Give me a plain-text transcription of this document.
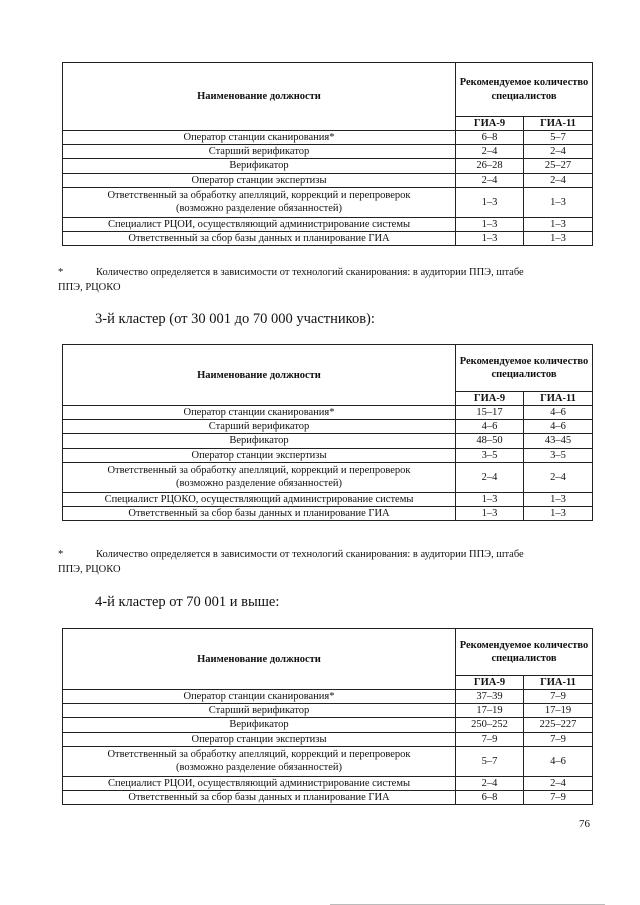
Наименование должности	Рекомендуемое количество специалистов	
	ГИА-9	ГИА-11
Оператор станции сканирования*	6–8	5–7
Старший верификатор	2–4	2–4
Верификатор	26–28	25–27
Оператор станции экспертизы	2–4	2–4

Ответственный за обработку апелляций, коррекций и перепроверок
(возможно разделение обязанностей)	1–3	1–3
Специалист РЦОИ, осуществляющий администрирование системы	1–3	1–3
Ответственный за сбор базы данных и планирование ГИА	1–3	1–3
*	Количество определяется в зависимости от технологий сканирования: в аудитории ППЭ, штабе
ППЭ, РЦОКО
3-й кластер (от 30 001 до 70 000 участников):
Наименование должности	Рекомендуемое количество специалистов	
	ГИА-9	ГИА-11
Оператор станции сканирования*	15–17	4–6
Старший верификатор	4–6	4–6
Верификатор	48–50	43–45
Оператор станции экспертизы	3–5	3–5

Ответственный за обработку апелляций, коррекций и перепроверок
(возможно разделение обязанностей)	2–4	2–4
Специалист РЦОКО, осуществляющий администрирование системы	1–3	1–3
Ответственный за сбор базы данных и планирование ГИА	1–3	1–3
*	Количество определяется в зависимости от технологий сканирования: в аудитории ППЭ, штабе
ППЭ, РЦОКО
4-й кластер от 70 001 и выше:
Наименование должности	Рекомендуемое количество специалистов	
	ГИА-9	ГИА-11
Оператор станции сканирования*	37–39	7–9
Старший верификатор	17–19	17–19
Верификатор	250–252	225–227
Оператор станции экспертизы	7–9	7–9

Ответственный за обработку апелляций, коррекций и перепроверок
(возможно разделение обязанностей)	5–7	4–6
Специалист РЦОИ, осуществляющий администрирование системы	2–4	2–4
Ответственный за сбор базы данных и планирование ГИА	6–8	7–9
76
